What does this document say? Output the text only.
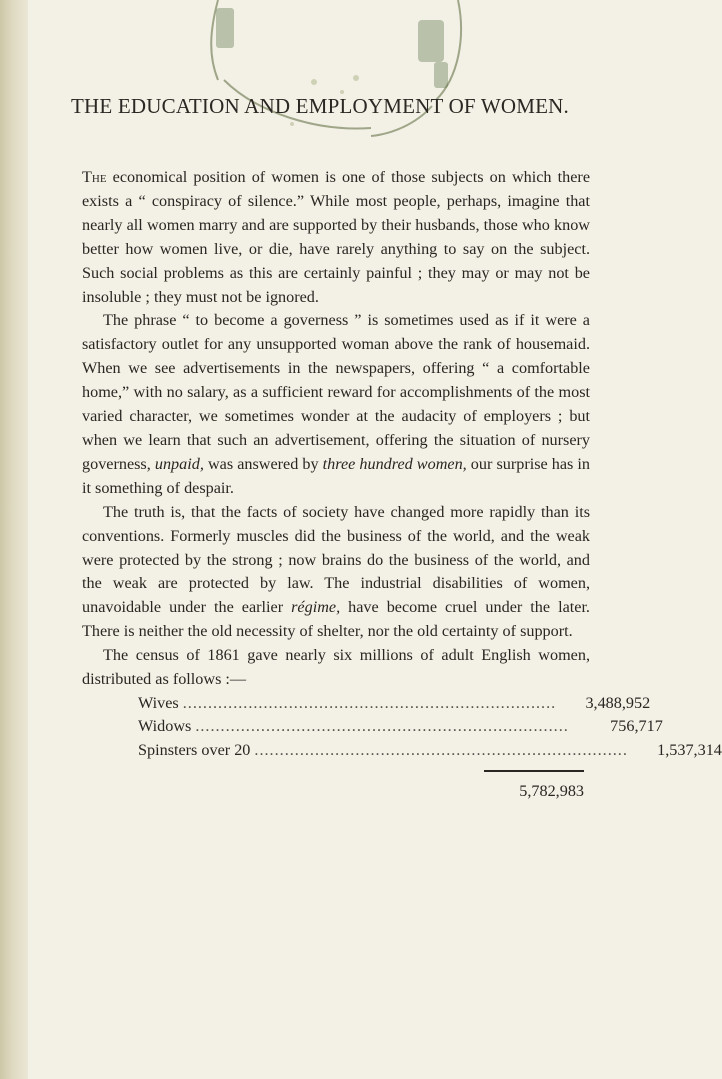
THE EDUCATION AND EMPLOYMENT OF WOMEN.

The economical position of women is one of those subjects on which there exists a “ conspiracy of silence.” While most people, perhaps, imagine that nearly all women marry and are supported by their husbands, those who know better how women live, or die, have rarely anything to say on the subject. Such social problems as this are certainly painful ; they may or may not be insoluble ; they must not be ignored.

The phrase “ to become a governess ” is sometimes used as if it were a satisfactory outlet for any unsupported woman above the rank of housemaid. When we see advertisements in the newspapers, offering “ a comfortable home,” with no salary, as a sufficient reward for accomplishments of the most varied character, we sometimes wonder at the audacity of employers ; but when we learn that such an advertisement, offering the situation of nursery governess, unpaid, was answered by three hundred women, our surprise has in it something of despair.

The truth is, that the facts of society have changed more rapidly than its conventions. Formerly muscles did the business of the world, and the weak were protected by the strong ; now brains do the business of the world, and the weak are protected by law. The industrial disabilities of women, unavoidable under the earlier régime, have become cruel under the later. There is neither the old necessity of shelter, nor the old certainty of support.

The census of 1861 gave nearly six millions of adult English women, distributed as follows :—

Wives ..........................................................................	3,488,952
Widows ..........................................................................	756,717
Spinsters over 20 ..........................................................................	1,537,314
5,782,983
